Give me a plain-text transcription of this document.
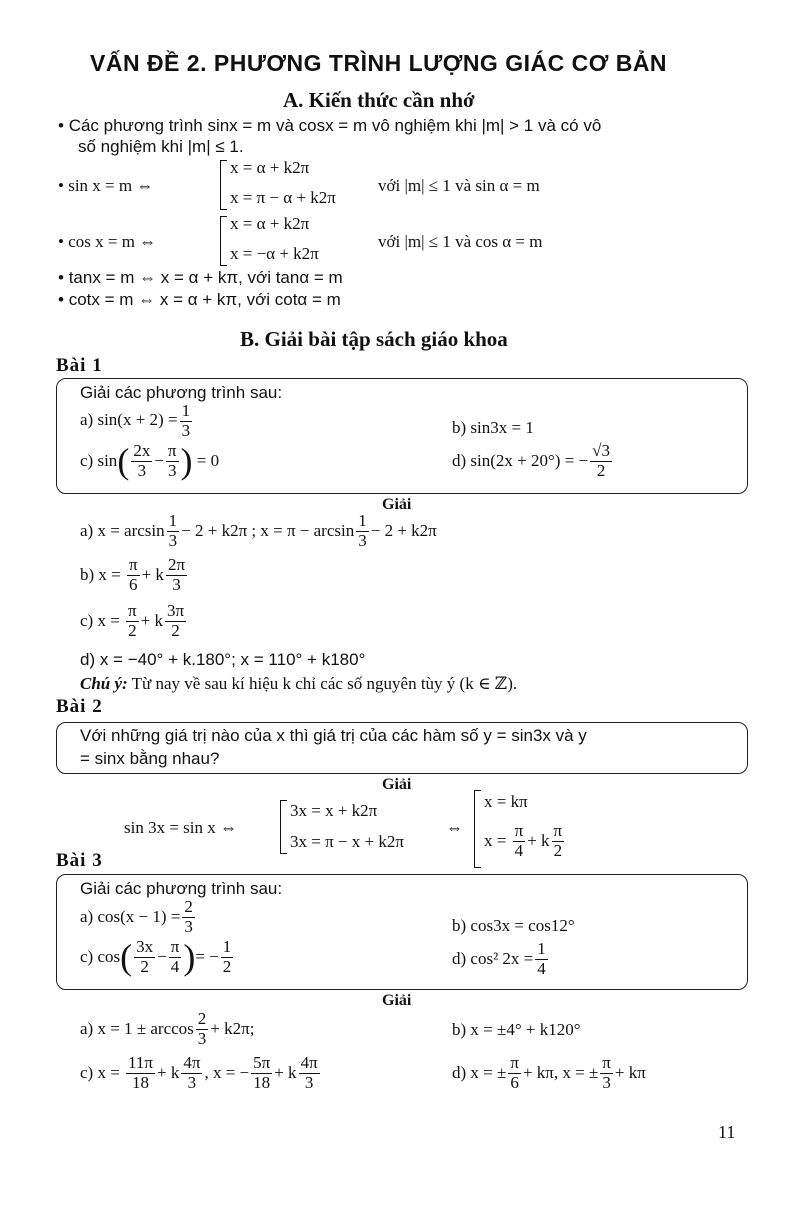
VẤN ĐỀ 2. PHƯƠNG TRÌNH LƯỢNG GIÁC CƠ BẢN
A. Kiến thức cần nhớ
• Các phương trình sinx = m và cosx = m vô nghiệm khi |m| > 1 và có vô
số nghiệm khi |m| ≤ 1.
• sin x = m ⇔
x = α + k2π
x = π − α + k2π
với |m| ≤ 1 và sin α = m
• cos x = m ⇔
x = α + k2π
x = −α + k2π
với |m| ≤ 1 và cos α = m
• tanx = m ⇔ x = α + kπ, với tanα = m
• cotx = m ⇔ x = α + kπ, với cotα = m
B. Giải bài tập sách giáo khoa
Bài 1
Giải các phương trình sau:
a) $\sin(x + 2) = \frac{1}{3}$	b) sin3x = 1
c)
sin ( 2x
3 −
π
3 )
= 0	d) sin(2x + 20°) = − $\frac{√3}{2}$
Giải
a) x = arcsin
1
3 − 2 + k2π ; x = π − arcsin
1
3 − 2 + k2π
b) x =
$\frac{\pi}{6} + k$
2π
3
c) x =
$\frac{\pi}{2} + k$
3π
2
d) x = −40° + k.180°; x = 110° + k180°
Chú ý: Từ nay về sau kí hiệu k chỉ các số nguyên tùy ý (k ∈ ℤ).
Bài 2
Với những giá trị nào của x thì giá trị của các hàm số y = sin3x và y
= sinx bằng nhau?
Giải
sin 3x = sin x ⇔
3x = x + k2π
3x = π − x + k2π
⇔
x = kπ
x =
$\frac{\pi}{4} + k$
π
2
Bài 3
Giải các phương trình sau:
a) $\cos(x - 1) = \frac{2}{3}$	b) cos3x = cos12°
c)
cos ( 3x
2 −
π
4 ) = − $\frac{1}{2}$	d) cos² $2x = \frac{1}{4}$
Giải
a) x = 1 ± arccos
2
3 + k2π;	b) x = ±4° + k120°
c) x =
$\frac{11\pi}{18} + k$
4π
3 , x = − $\frac{5\pi}{18} + k$
4π
3	d) x = ± $\frac{\pi}{6} + k\pi$, x = ± $\frac{\pi}{3} + k\pi$
11
